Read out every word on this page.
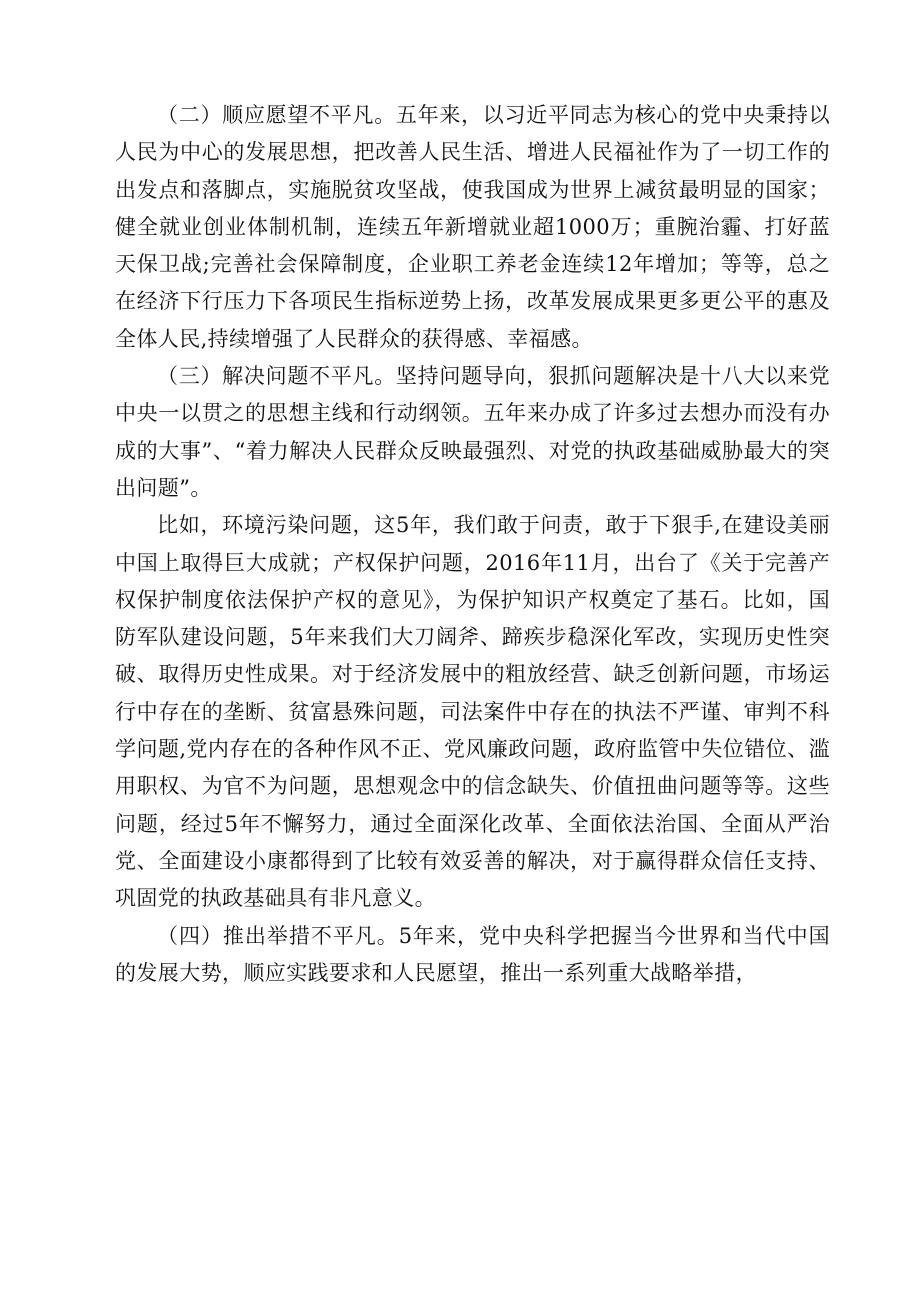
（二）顺应愿望不平凡。五年来，以习近平同志为核心的党中央秉持以人民为中心的发展思想，把改善人民生活、增进人民福祉作为了一切工作的出发点和落脚点，实施脱贫攻坚战，使我国成为世界上减贫最明显的国家；健全就业创业体制机制，连续五年新增就业超1000万；重腕治霾、打好蓝天保卫战;完善社会保障制度，企业职工养老金连续12年增加；等等，总之在经济下行压力下各项民生指标逆势上扬，改革发展成果更多更公平的惠及全体人民,持续增强了人民群众的获得感、幸福感。

（三）解决问题不平凡。坚持问题导向，狠抓问题解决是十八大以来党中央一以贯之的思想主线和行动纲领。五年来办成了许多过去想办而没有办成的大事”、“着力解决人民群众反映最强烈、对党的执政基础威胁最大的突出问题”。

比如，环境污染问题，这5年，我们敢于问责，敢于下狠手,在建设美丽中国上取得巨大成就；产权保护问题，2016年11月，出台了《关于完善产权保护制度依法保护产权的意见》，为保护知识产权奠定了基石。比如，国防军队建设问题，5年来我们大刀阔斧、蹄疾步稳深化军改，实现历史性突破、取得历史性成果。对于经济发展中的粗放经营、缺乏创新问题，市场运行中存在的垄断、贫富悬殊问题，司法案件中存在的执法不严谨、审判不科学问题,党内存在的各种作风不正、党风廉政问题，政府监管中失位错位、滥用职权、为官不为问题，思想观念中的信念缺失、价值扭曲问题等等。这些问题，经过5年不懈努力，通过全面深化改革、全面依法治国、全面从严治党、全面建设小康都得到了比较有效妥善的解决，对于赢得群众信任支持、巩固党的执政基础具有非凡意义。

（四）推出举措不平凡。5年来，党中央科学把握当今世界和当代中国的发展大势，顺应实践要求和人民愿望，推出一系列重大战略举措，
